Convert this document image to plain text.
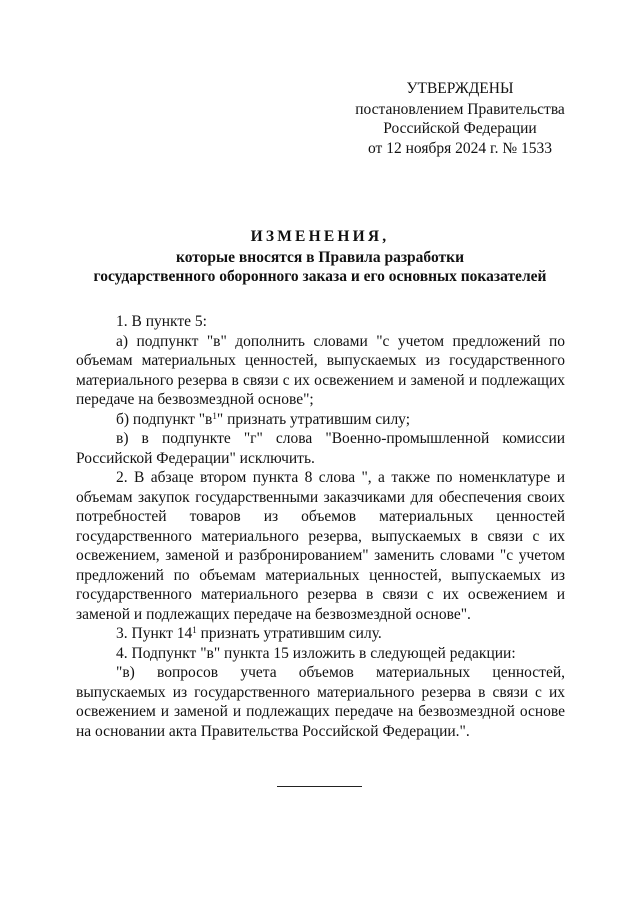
УТВЕРЖДЕНЫ
постановлением Правительства
Российской Федерации
от 12 ноября 2024 г. № 1533
ИЗМЕНЕНИЯ,
которые вносятся в Правила разработки
государственного оборонного заказа и его основных показателей

1. В пункте 5:

а) подпункт "в" дополнить словами "с учетом предложений по объемам материальных ценностей, выпускаемых из государственного материального резерва в связи с их освежением и заменой и подлежащих передаче на безвозмездной основе";

б) подпункт "$в^1$" признать утратившим силу;

в) в подпункте "г" слова "Военно-промышленной комиссии Российской Федерации" исключить.

2. В абзаце втором пункта 8 слова ", а также по номенклатуре и объемам закупок государственными заказчиками для обеспечения своих потребностей товаров из объемов материальных ценностей государственного материального резерва, выпускаемых в связи с их освежением, заменой и разбронированием" заменить словами "с учетом предложений по объемам материальных ценностей, выпускаемых из государственного материального резерва в связи с их освежением и заменой и подлежащих передаче на безвозмездной основе".

3. Пункт $14^1$ признать утратившим силу.

4. Подпункт "в" пункта 15 изложить в следующей редакции:

"в) вопросов учета объемов материальных ценностей, выпускаемых из государственного материального резерва в связи с их освежением и заменой и подлежащих передаче на безвозмездной основе на основании акта Правительства Российской Федерации.".
